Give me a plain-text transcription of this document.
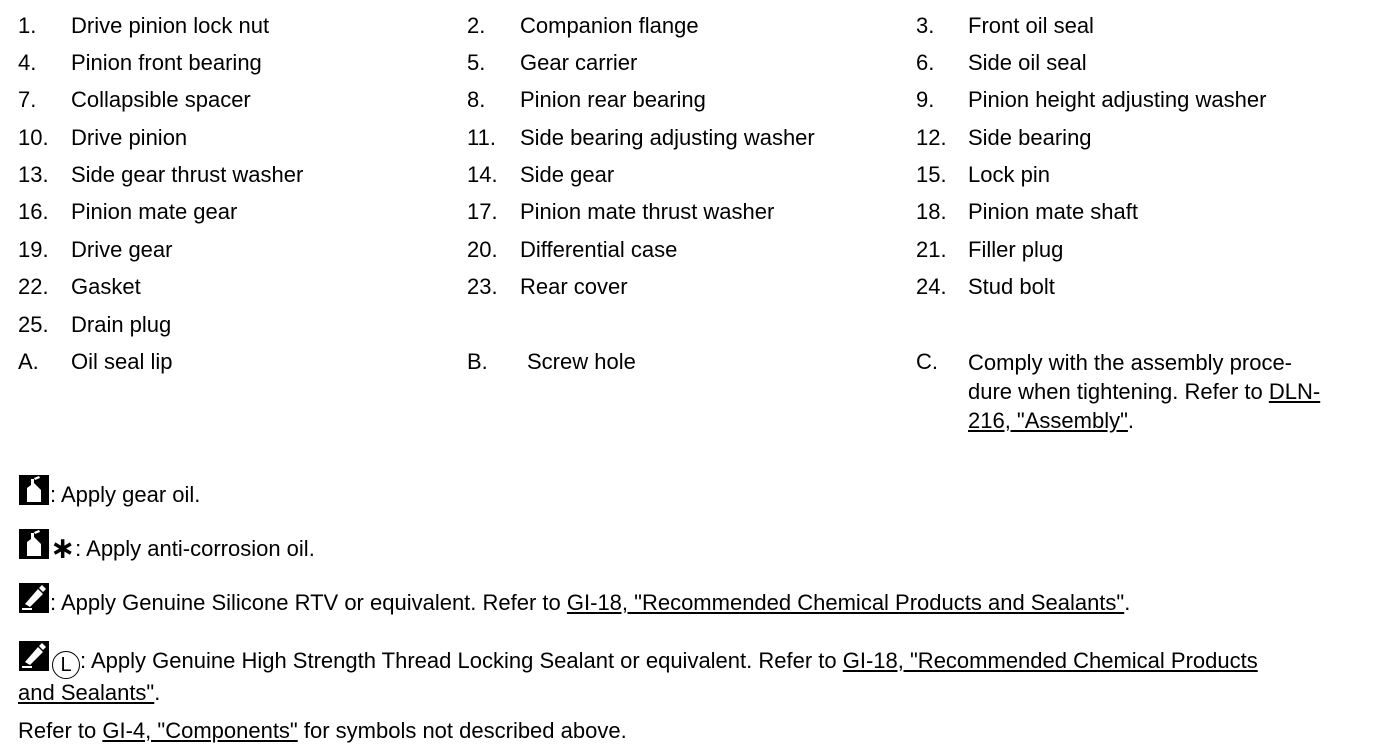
1. Drive pinion lock nut	2. Companion flange	3. Front oil seal
4. Pinion front bearing	5. Gear carrier	6. Side oil seal
7. Collapsible spacer	8. Pinion rear bearing	9. Pinion height adjusting washer
10. Drive pinion	11. Side bearing adjusting washer	12. Side bearing
13. Side gear thrust washer	14. Side gear	15. Lock pin
16. Pinion mate gear	17. Pinion mate thrust washer	18. Pinion mate shaft
19. Drive gear	20. Differential case	21. Filler plug
22. Gasket	23. Rear cover	24. Stud bolt
25. Drain plug
A. Oil seal lip	B. Screw hole	C. Comply with the assembly proce-
dure when tightening. Refer to DLN-
216, "Assembly".
: Apply gear oil.
∗: Apply anti-corrosion oil.
: Apply Genuine Silicone RTV or equivalent. Refer to GI-18, "Recommended Chemical Products and Sealants".
L : Apply Genuine High Strength Thread Locking Sealant or equivalent. Refer to GI-18, "Recommended Chemical Products
and Sealants".
Refer to GI-4, "Components" for symbols not described above.
